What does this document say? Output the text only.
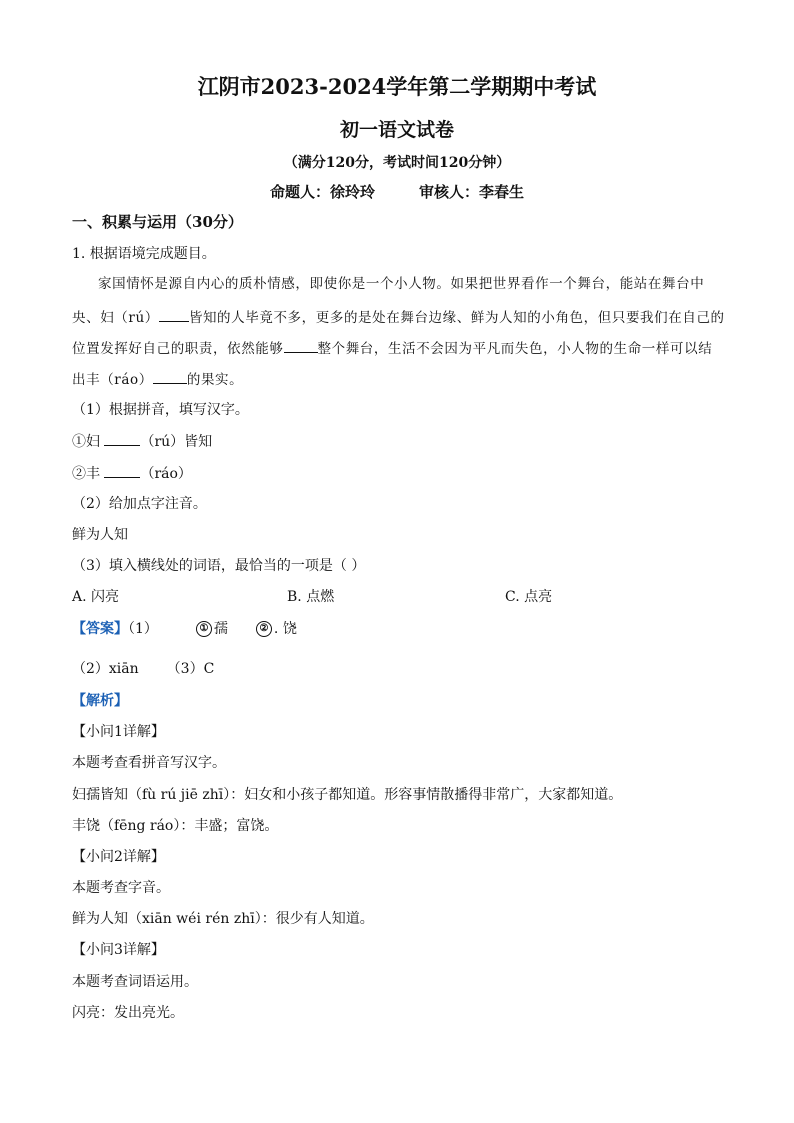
江阴市2023-2024学年第二学期期中考试
初一语文试卷
（满分120分，考试时间120分钟）
命题人：徐玲玲	审核人：李春生
一、积累与运用（30分）
1. 根据语境完成题目。
家国情怀是源自内心的质朴情感，即使你是一个小人物。如果把世界看作一个舞台，能站在舞台中
央、妇（rú） 皆知的人毕竟不多，更多的是处在舞台边缘、鲜为人知的小角色，但只要我们在自己的
位置发挥好自己的职责，依然能够	整个舞台，生活不会因为平凡而失色，小人物的生命一样可以结
出丰（ráo）	的果实。
（1）根据拼音，填写汉字。
①妇	（rú）皆知
②丰	（ráo）
（2）给加点字注音。
鲜为人知
（3）填入横线处的词语，最恰当的一项是（ ）
A. 闪亮	B. 点燃	C. 点亮
【答案】（1）	① 孺	② . 饶
（2）xiān （3）C
【解析】
【小问1详解】
本题考查看拼音写汉字。
妇孺皆知（fù rú jiē zhī）：妇女和小孩子都知道。形容事情散播得非常广，大家都知道。
丰饶（fēng ráo）：丰盛；富饶。
【小问2详解】
本题考查字音。
鲜为人知（xiān wéi rén zhī）：很少有人知道。
【小问3详解】
本题考查词语运用。
闪亮：发出亮光。
